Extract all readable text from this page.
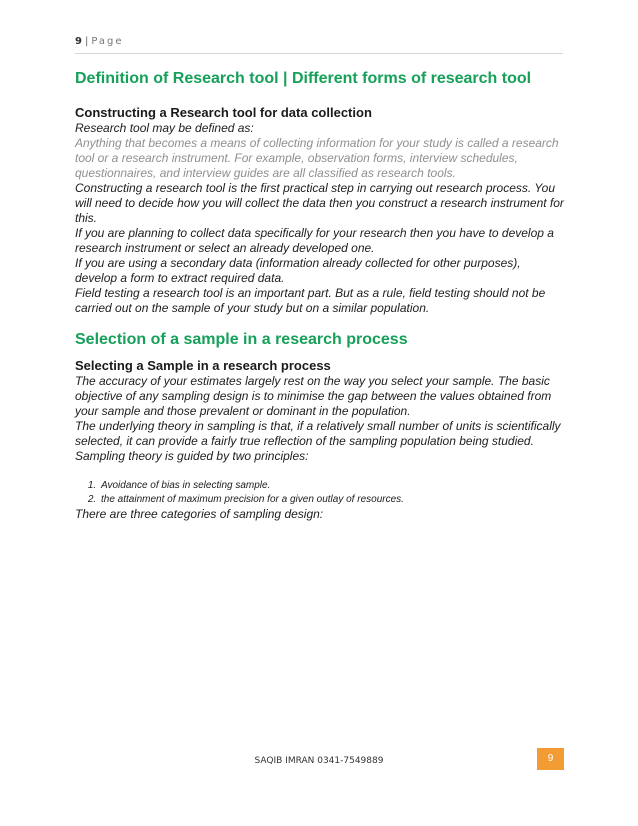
9 | Page
Definition of Research tool | Different forms of research tool
Constructing a Research tool for data collection

Research tool may be defined as:

Anything that becomes a means of collecting information for your study is called a research tool or a research instrument. For example, observation forms, interview schedules, questionnaires, and interview guides are all classified as research tools.

Constructing a research tool is the first practical step in carrying out research process. You will need to decide how you will collect the data then you construct a research instrument for this.

If you are planning to collect data specifically for your research then you have to develop a research instrument or select an already developed one.

If you are using a secondary data (information already collected for other purposes), develop a form to extract required data.

Field testing a research tool is an important part. But as a rule, field testing should not be carried out on the sample of your study but on a similar population.

Selection of a sample in a research process
Selecting a Sample in a research process

The accuracy of your estimates largely rest on the way you select your sample. The basic objective of any sampling design is to minimise the gap between the values obtained from your sample and those prevalent or dominant in the population.

The underlying theory in sampling is that, if a relatively small number of units is scientifically selected, it can provide a fairly true reflection of the sampling population being studied.

Sampling theory is guided by two principles:

1. Avoidance of bias in selecting sample.
2. the attainment of maximum precision for a given outlay of resources.

There are three categories of sampling design:

SAQIB IMRAN 0341-7549889	9
